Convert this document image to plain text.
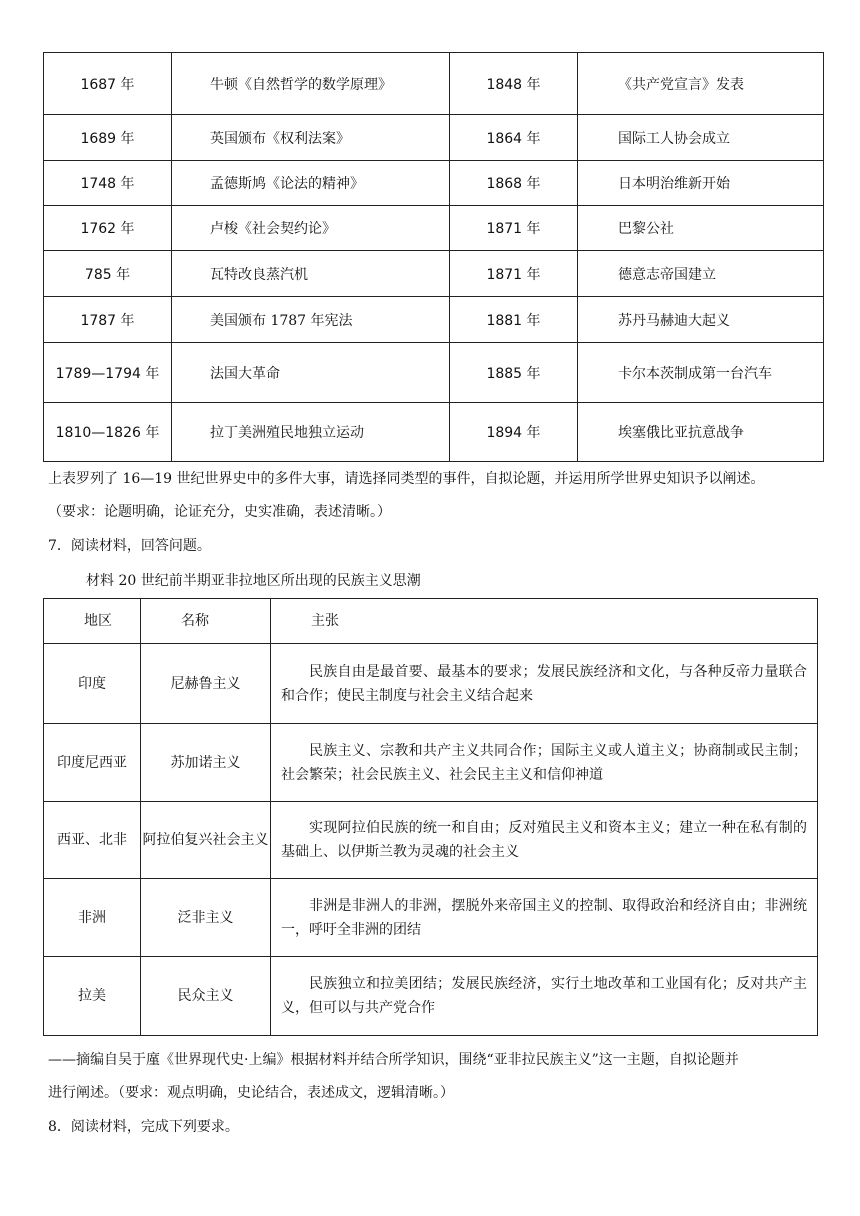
1687 年	牛顿《自然哲学的数学原理》	1848 年	《共产党宣言》发表
1689 年	英国颁布《权利法案》	1864 年	国际工人协会成立
1748 年	孟德斯鸠《论法的精神》	1868 年	日本明治维新开始
1762 年	卢梭《社会契约论》	1871 年	巴黎公社
785 年	瓦特改良蒸汽机	1871 年	德意志帝国建立
1787 年	美国颁布 1787 年宪法	1881 年	苏丹马赫迪大起义
1789—1794 年	法国大革命	1885 年	卡尔本茨制成第一台汽车
1810—1826 年	拉丁美洲殖民地独立运动	1894 年	埃塞俄比亚抗意战争
上表罗列了 16—19 世纪世界史中的多件大事，请选择同类型的事件，自拟论题，并运用所学世界史知识予以阐述。
（要求：论题明确，论证充分，史实准确，表述清晰。）
7．阅读材料，回答问题。
材料 20 世纪前半期亚非拉地区所出现的民族主义思潮
地区	名称	主张
印度	尼赫鲁主义	民族自由是最首要、最基本的要求；发展民族经济和文化，与各种反帝力量联合和合作；使民主制度与社会主义结合起来
印度尼西亚	苏加诺主义	民族主义、宗教和共产主义共同合作；国际主义或人道主义；协商制或民主制；社会繁荣；社会民族主义、社会民主主义和信仰神道
西亚、北非	阿拉伯复兴社会主义	实现阿拉伯民族的统一和自由；反对殖民主义和资本主义；建立一种在私有制的基础上、以伊斯兰教为灵魂的社会主义
非洲	泛非主义	非洲是非洲人的非洲，摆脱外来帝国主义的控制、取得政治和经济自由；非洲统一，呼吁全非洲的团结
拉美	民众主义	民族独立和拉美团结；发展民族经济，实行土地改革和工业国有化；反对共产主义，但可以与共产党合作
——摘编自吴于廑《世界现代史·上编》根据材料并结合所学知识，围绕“亚非拉民族主义”这一主题，自拟论题并
进行阐述。（要求：观点明确，史论结合，表述成文，逻辑清晰。）
8．阅读材料，完成下列要求。
